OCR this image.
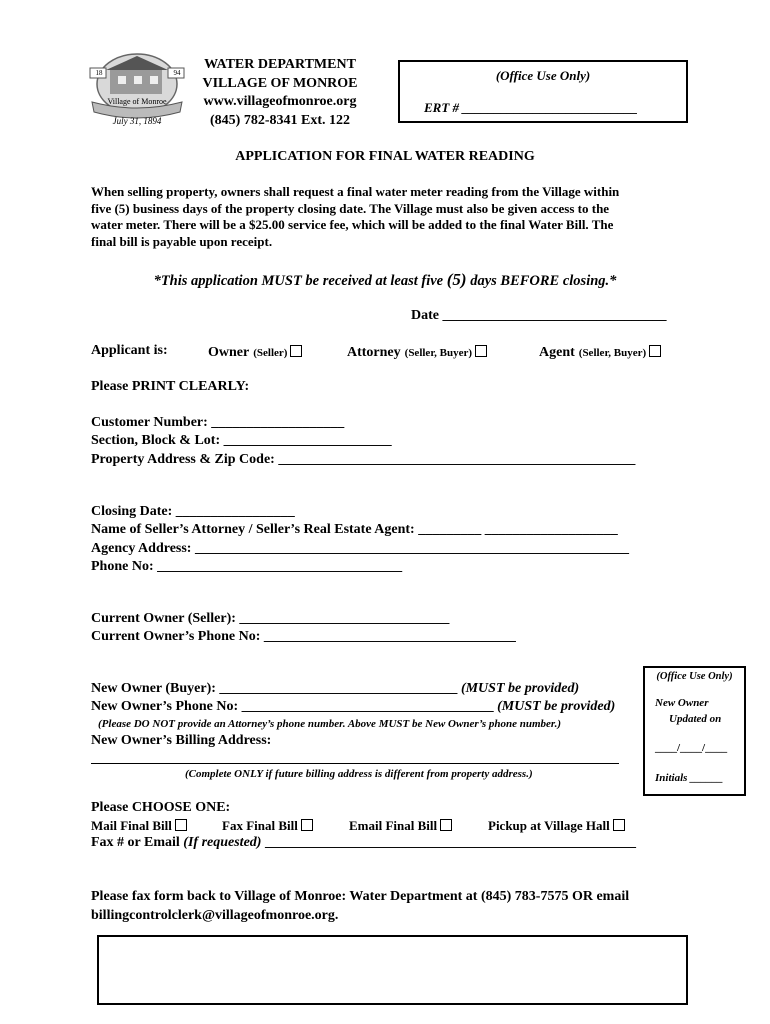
Village of Monroe
July 31, 1894
18	94
WATER DEPARTMENT
VILLAGE OF MONROE
www.villageofmonroe.org
(845) 782-8341 Ext. 122
(Office Use Only)
ERT # ___________________________
APPLICATION FOR FINAL WATER READING
When selling property, owners shall request a final water meter reading from the Village within
five (5) business days of the property closing date. The Village must also be given access to the
water meter. There will be a $25.00 service fee, which will be added to the final Water Bill. The
final bill is payable upon receipt.
*This application MUST be received at least five (5) days BEFORE closing.*
Date ________________________________
Applicant is:	Owner (Seller)	Attorney (Seller, Buyer)	Agent (Seller, Buyer)
Please PRINT CLEARLY:
Customer Number: ___________________
Section, Block & Lot: ________________________
Property Address & Zip Code: ___________________________________________________
Closing Date: _________________
Name of Seller’s Attorney / Seller’s Real Estate Agent: _________ ___________________
Agency Address: ______________________________________________________________
Phone No: ___________________________________
Current Owner (Seller): ______________________________
Current Owner’s Phone No: ____________________________________
New Owner (Buyer): __________________________________ (MUST be provided)
New Owner’s Phone No: ____________________________________ (MUST be provided)
(Please DO NOT provide an Attorney’s phone number. Above MUST be New Owner’s phone number.)
New Owner’s Billing Address:
(Complete ONLY if future billing address is different from property address.)
(Office Use Only)
New Owner
Updated on
____/____/____
Initials ______
Please CHOOSE ONE:
Mail Final Bill	Fax Final Bill	Email Final Bill	Pickup at Village Hall
Fax # or Email (If requested) _____________________________________________________
Please fax form back to Village of Monroe: Water Department at (845) 783-7575 OR email
billingcontrolclerk@villageofmonroe.org.
